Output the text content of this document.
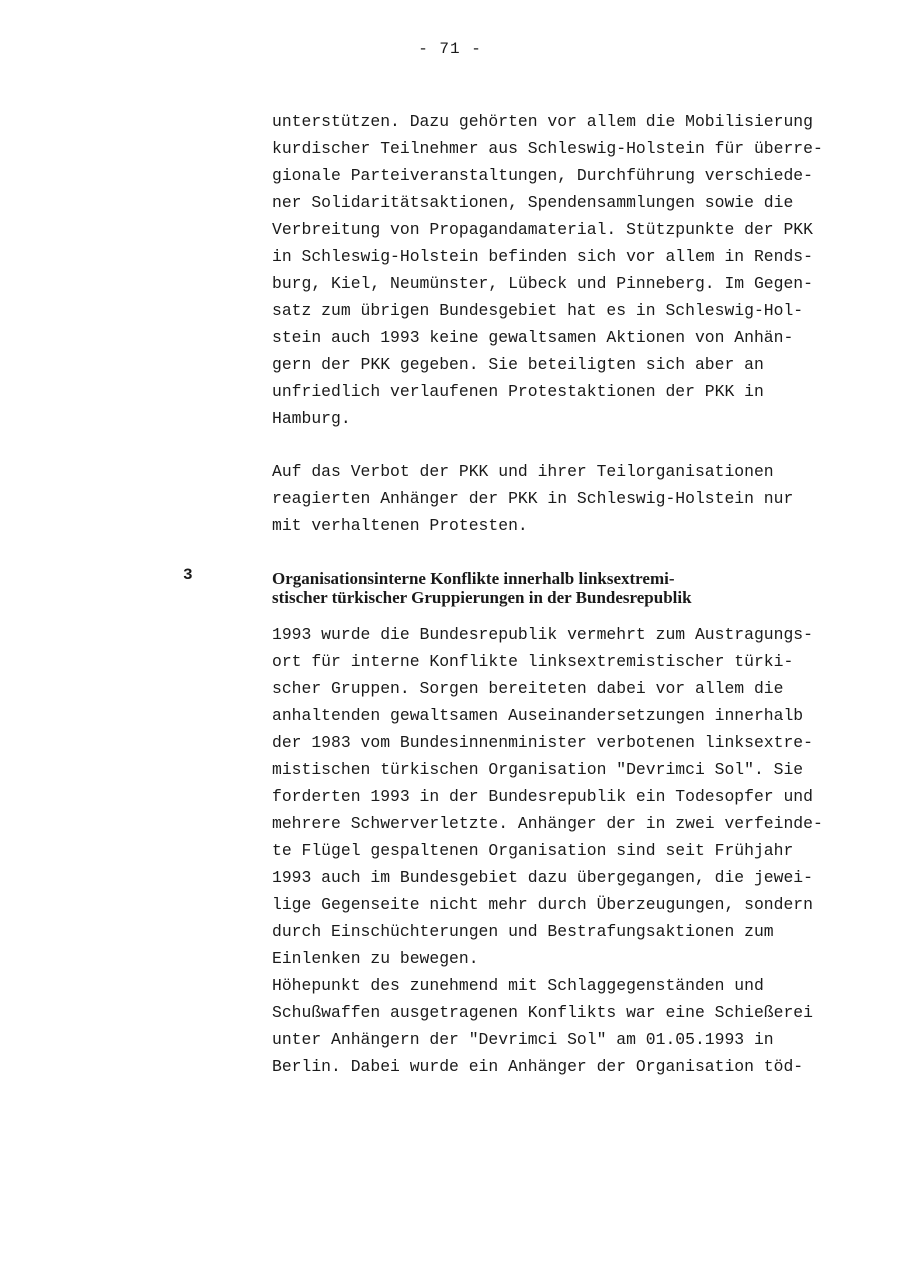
- 71 -

unterstützen. Dazu gehörten vor allem die Mobilisierung
kurdischer Teilnehmer aus Schleswig-Holstein für überre-
gionale Parteiveranstaltungen, Durchführung verschiede-
ner Solidaritätsaktionen, Spendensammlungen sowie die
Verbreitung von Propagandamaterial. Stützpunkte der PKK
in Schleswig-Holstein befinden sich vor allem in Rends-
burg, Kiel, Neumünster, Lübeck und Pinneberg. Im Gegen-
satz zum übrigen Bundesgebiet hat es in Schleswig-Hol-
stein auch 1993 keine gewaltsamen Aktionen von Anhän-
gern der PKK gegeben. Sie beteiligten sich aber an
unfriedlich verlaufenen Protestaktionen der PKK in
Hamburg.

Auf das Verbot der PKK und ihrer Teilorganisationen
reagierten Anhänger der PKK in Schleswig-Holstein nur
mit verhaltenen Protesten.

3	Organisationsinterne Konflikte innerhalb linksextremi-
stischer türkischer Gruppierungen in der Bundesrepublik

1993 wurde die Bundesrepublik vermehrt zum Austragungs-
ort für interne Konflikte linksextremistischer türki-
scher Gruppen. Sorgen bereiteten dabei vor allem die
anhaltenden gewaltsamen Auseinandersetzungen innerhalb
der 1983 vom Bundesinnenminister verbotenen linksextre-
mistischen türkischen Organisation "Devrimci Sol". Sie
forderten 1993 in der Bundesrepublik ein Todesopfer und
mehrere Schwerverletzte. Anhänger der in zwei verfeinde-
te Flügel gespaltenen Organisation sind seit Frühjahr
1993 auch im Bundesgebiet dazu übergegangen, die jewei-
lige Gegenseite nicht mehr durch Überzeugungen, sondern
durch Einschüchterungen und Bestrafungsaktionen zum
Einlenken zu bewegen.
Höhepunkt des zunehmend mit Schlaggegenständen und
Schußwaffen ausgetragenen Konflikts war eine Schießerei
unter Anhängern der "Devrimci Sol" am 01.05.1993 in
Berlin. Dabei wurde ein Anhänger der Organisation töd-
